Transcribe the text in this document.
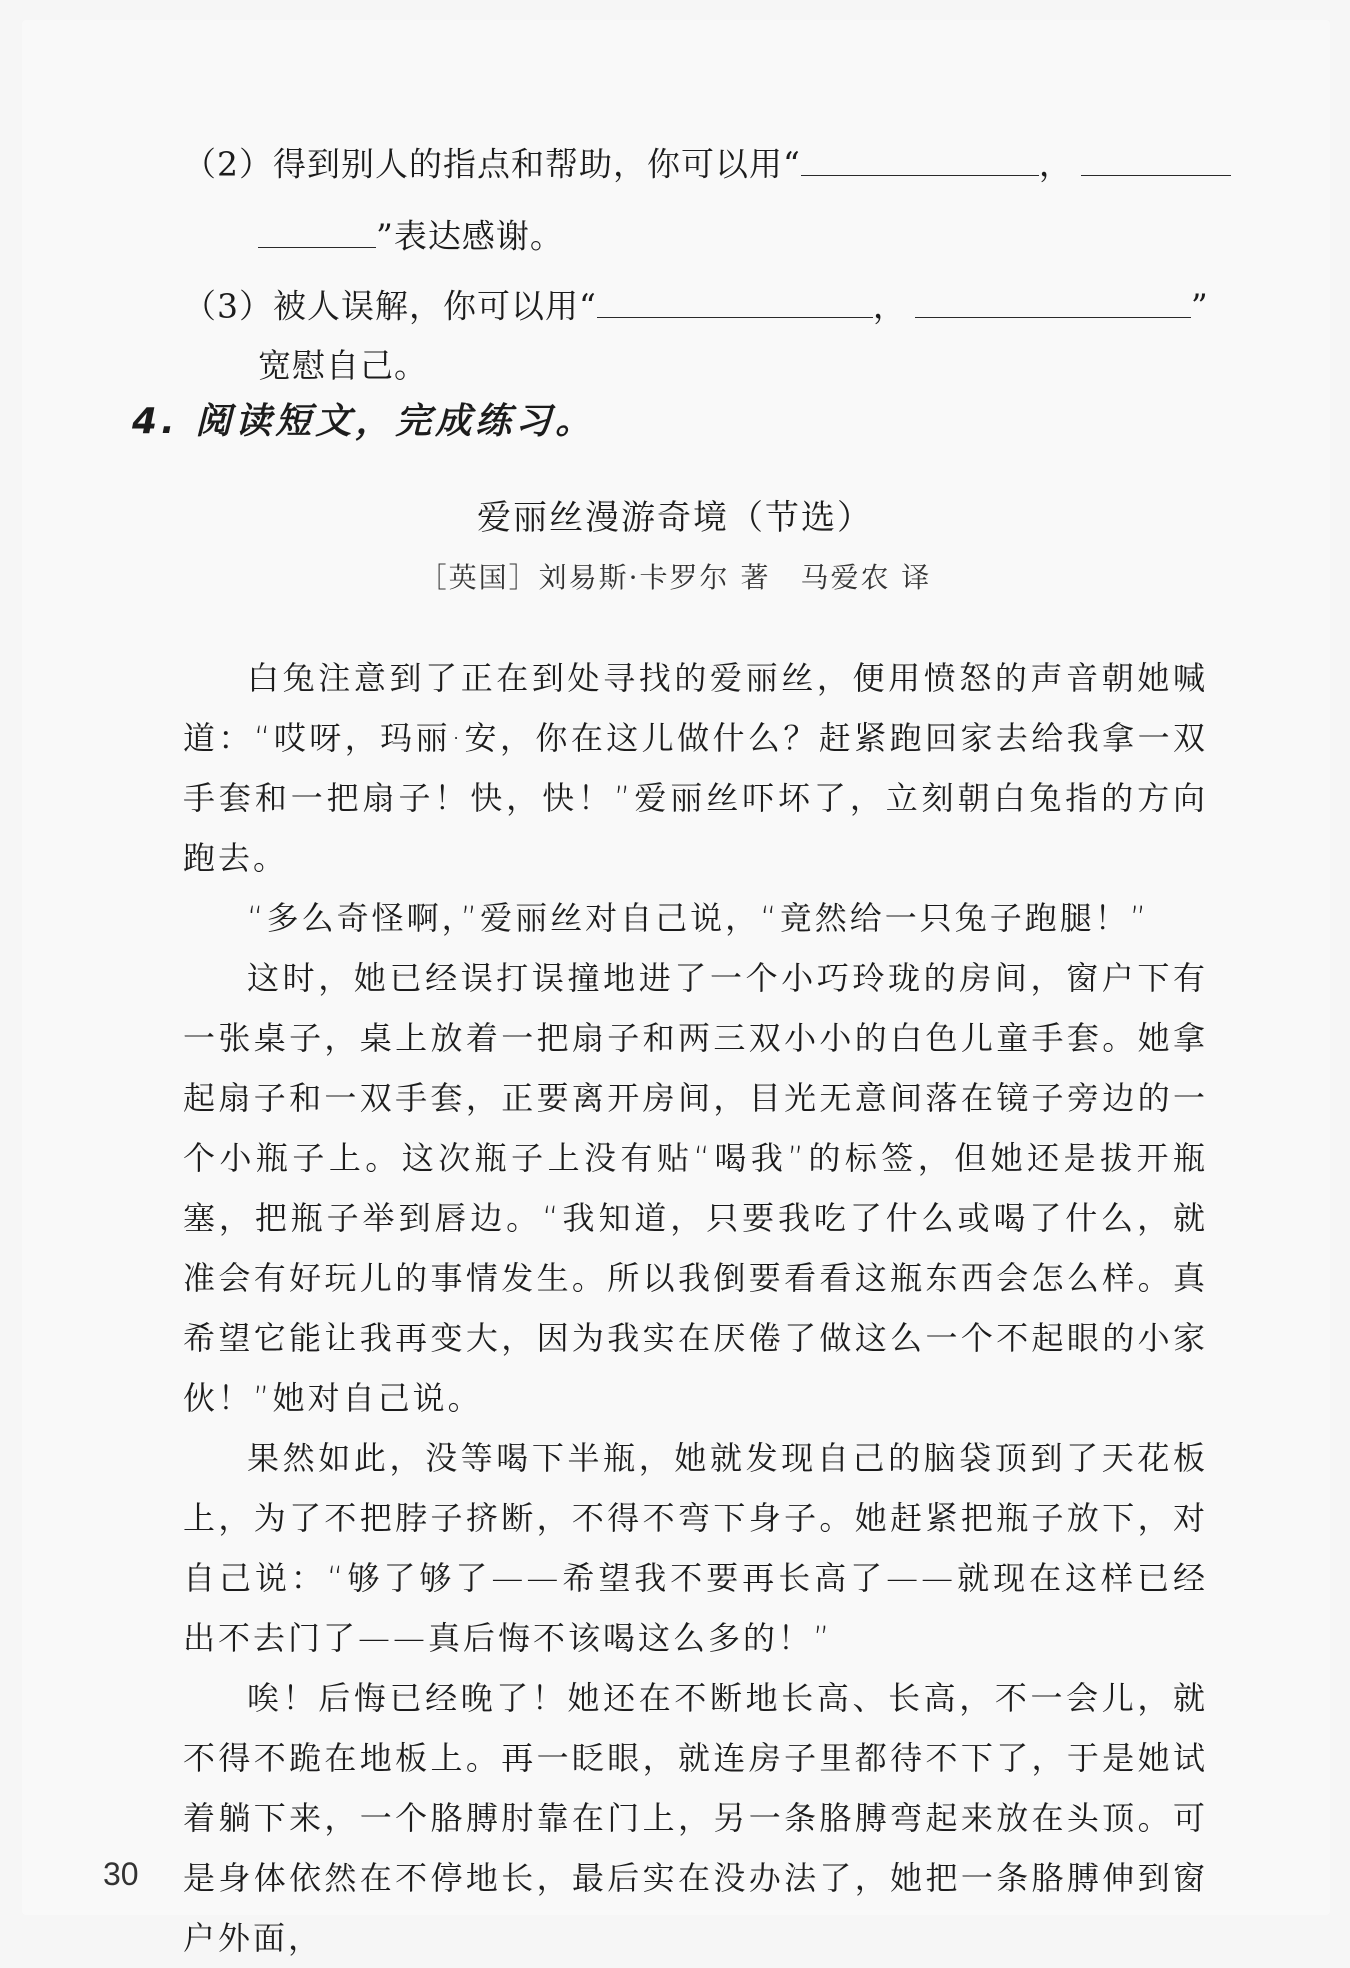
（2）得到别人的指点和帮助，你可以用“	，
”表达感谢。
（3）被人误解，你可以用“	，	”
宽慰自己。
4. 阅读短文，完成练习。
爱丽丝漫游奇境（节选）
［英国］刘易斯·卡罗尔 著　马爱农 译

白兔注意到了正在到处寻找的爱丽丝，便用愤怒的声音朝她喊道：“哎呀，玛丽·安，你在这儿做什么？赶紧跑回家去给我拿一双手套和一把扇子！快，快！”爱丽丝吓坏了，立刻朝白兔指的方向跑去。

“多么奇怪啊，”爱丽丝对自己说，“竟然给一只兔子跑腿！”

这时，她已经误打误撞地进了一个小巧玲珑的房间，窗户下有一张桌子，桌上放着一把扇子和两三双小小的白色儿童手套。她拿起扇子和一双手套，正要离开房间，目光无意间落在镜子旁边的一个小瓶子上。这次瓶子上没有贴“喝我”的标签，但她还是拔开瓶塞，把瓶子举到唇边。“我知道，只要我吃了什么或喝了什么，就准会有好玩儿的事情发生。所以我倒要看看这瓶东西会怎么样。真希望它能让我再变大，因为我实在厌倦了做这么一个不起眼的小家伙！”她对自己说。

果然如此，没等喝下半瓶，她就发现自己的脑袋顶到了天花板上，为了不把脖子挤断，不得不弯下身子。她赶紧把瓶子放下，对自己说：“够了够了——希望我不要再长高了——就现在这样已经出不去门了——真后悔不该喝这么多的！”

唉！后悔已经晚了！她还在不断地长高、长高，不一会儿，就不得不跪在地板上。再一眨眼，就连房子里都待不下了，于是她试着躺下来，一个胳膊肘靠在门上，另一条胳膊弯起来放在头顶。可是身体依然在不停地长，最后实在没办法了，她把一条胳膊伸到窗户外面，

30
